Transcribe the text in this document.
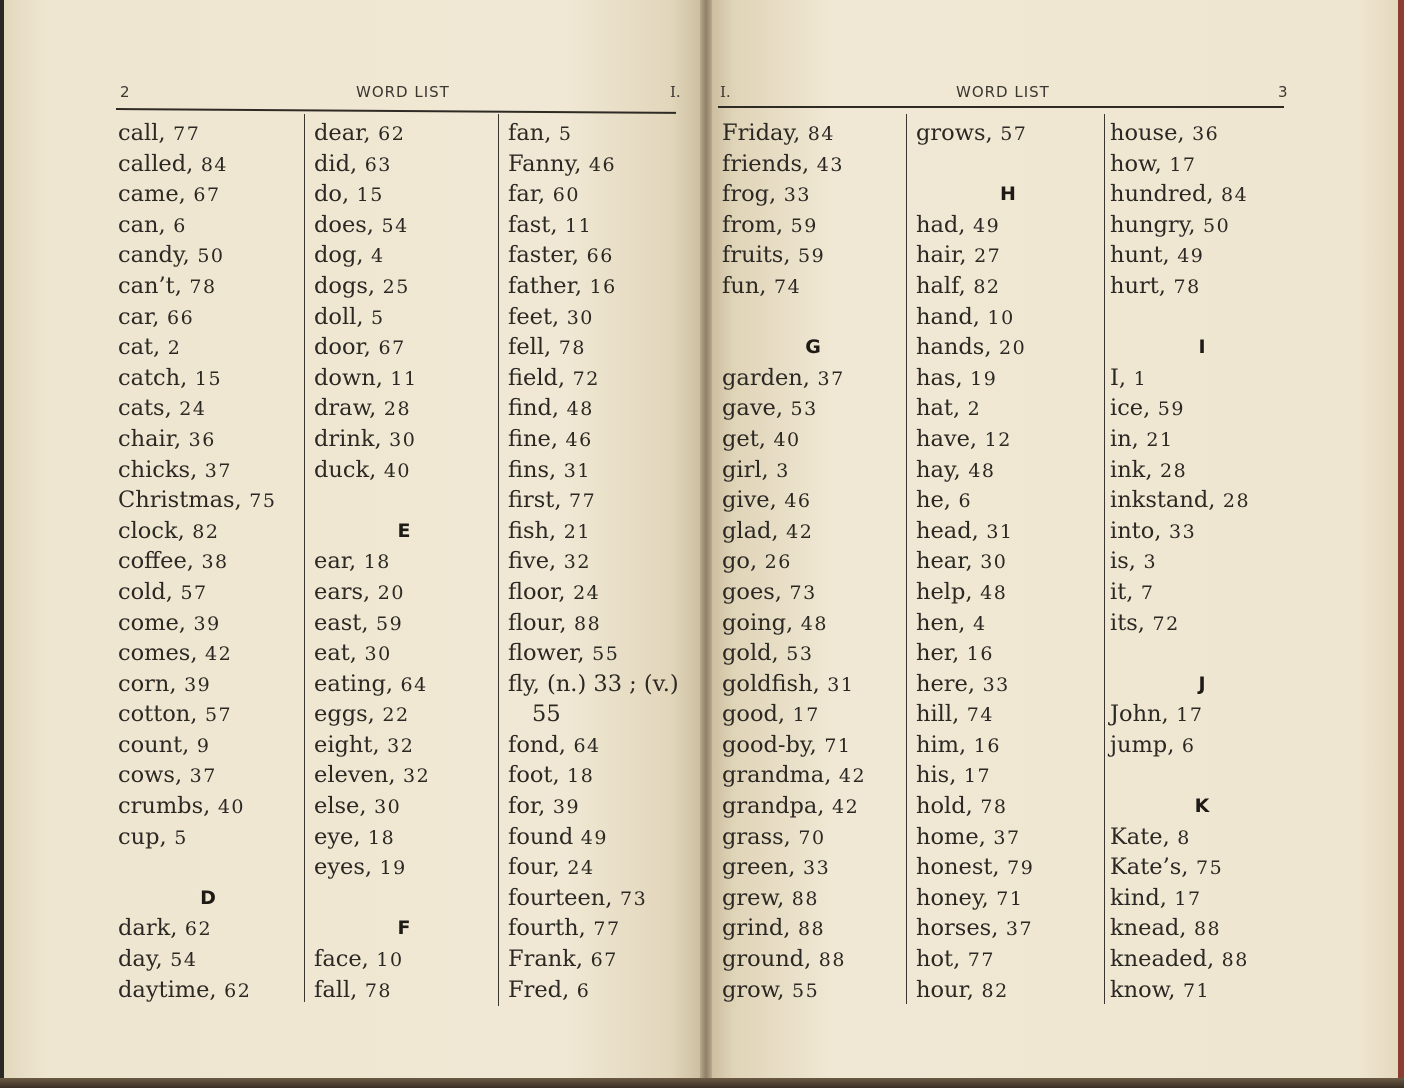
2	WORD LIST	I.
call, 77
called, 84
came, 67
can, 6
candy, 50
can’t, 78
car, 66
cat, 2
catch, 15
cats, 24
chair, 36
chicks, 37
Christmas, 75
clock, 82
coffee, 38
cold, 57
come, 39
comes, 42
corn, 39
cotton, 57
count, 9
cows, 37
crumbs, 40
cup, 5
D
dark, 62
day, 54
daytime, 62
dear, 62
did, 63
do, 15
does, 54
dog, 4
dogs, 25
doll, 5
door, 67
down, 11
draw, 28
drink, 30
duck, 40
E
ear, 18
ears, 20
east, 59
eat, 30
eating, 64
eggs, 22
eight, 32
eleven, 32
else, 30
eye, 18
eyes, 19
F
face, 10
fall, 78
fan, 5
Fanny, 46
far, 60
fast, 11
faster, 66
father, 16
feet, 30
fell, 78
field, 72
find, 48
fine, 46
fins, 31
first, 77
fish, 21
five, 32
floor, 24
flour, 88
flower, 55
fly, (n.) 33 ; (v.)
55
fond, 64
foot, 18
for, 39
found 49
four, 24
fourteen, 73
fourth, 77
Frank, 67
Fred, 6
I.	WORD LIST	3
Friday, 84
friends, 43
frog, 33
from, 59
fruits, 59
fun, 74
G
garden, 37
gave, 53
get, 40
girl, 3
give, 46
glad, 42
go, 26
goes, 73
going, 48
gold, 53
goldfish, 31
good, 17
good-by, 71
grandma, 42
grandpa, 42
grass, 70
green, 33
grew, 88
grind, 88
ground, 88
grow, 55
grows, 57
H
had, 49
hair, 27
half, 82
hand, 10
hands, 20
has, 19
hat, 2
have, 12
hay, 48
he, 6
head, 31
hear, 30
help, 48
hen, 4
her, 16
here, 33
hill, 74
him, 16
his, 17
hold, 78
home, 37
honest, 79
honey, 71
horses, 37
hot, 77
hour, 82
house, 36
how, 17
hundred, 84
hungry, 50
hunt, 49
hurt, 78
I
I, 1
ice, 59
in, 21
ink, 28
inkstand, 28
into, 33
is, 3
it, 7
its, 72
J
John, 17
jump, 6
K
Kate, 8
Kate’s, 75
kind, 17
knead, 88
kneaded, 88
know, 71
